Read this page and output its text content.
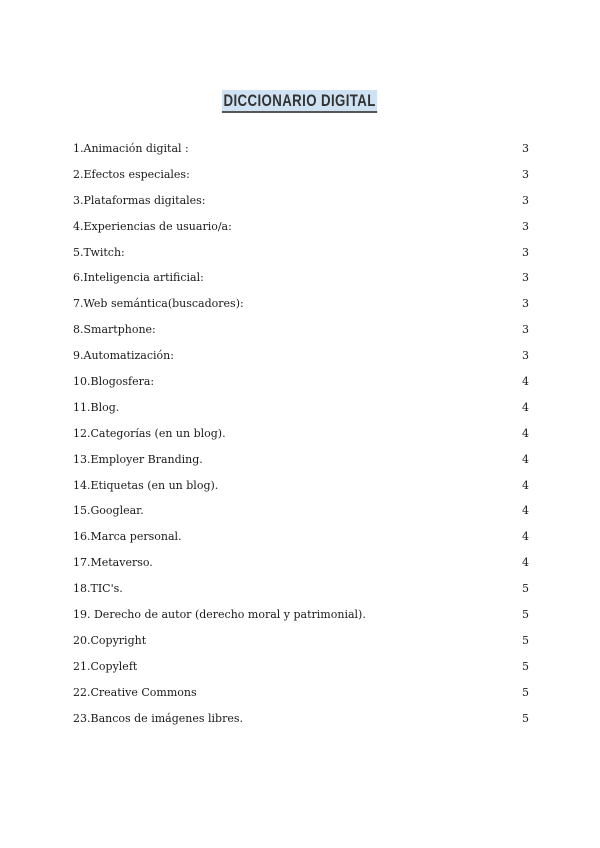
DICCIONARIO DIGITAL
1.Animación digital :	3
2.Efectos especiales:	3
3.Plataformas digitales:	3
4.Experiencias de usuario/a:	3
5.Twitch:	3
6.Inteligencia artificial:	3
7.Web semántica(buscadores):	3
8.Smartphone:	3
9.Automatización:	3
10.Blogosfera:	4
11.Blog.	4
12.Categorías (en un blog).	4
13.Employer Branding.	4
14.Etiquetas (en un blog).	4
15.Googlear.	4
16.Marca personal.	4
17.Metaverso.	4
18.TIC's.	5
19. Derecho de autor (derecho moral y patrimonial).	5
20.Copyright	5
21.Copyleft	5
22.Creative Commons	5
23.Bancos de imágenes libres.	5
